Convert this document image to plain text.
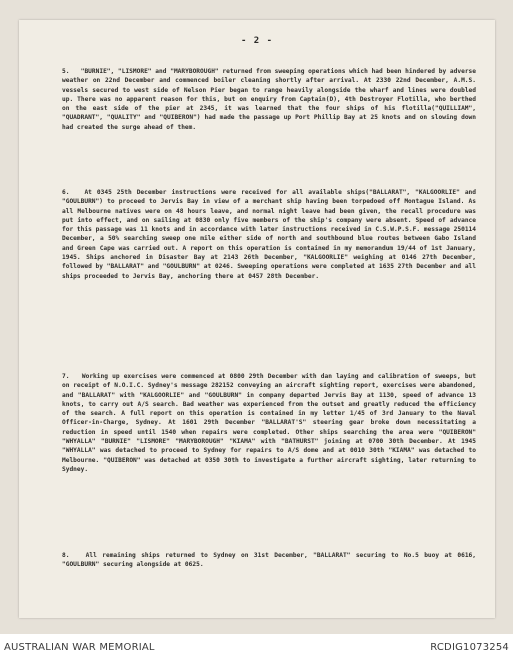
- 2 -

5.   "BURNIE", "LISMORE" and "MARYBOROUGH" returned from sweeping operations which had been hindered by adverse weather on 22nd December and commenced boiler cleaning shortly after arrival. At 2330 22nd December, A.M.S. vessels secured to west side of Nelson Pier began to range heavily alongside the wharf and lines were doubled up. There was no apparent reason for this, but on enquiry from Captain(D), 4th Destroyer Flotilla, who berthed on the east side of the pier at 2345, it was learned that the four ships of his flotilla("QUILLIAM", "QUADRANT", "QUALITY" and "QUIBERON") had made the passage up Port Phillip Bay at 25 knots and on slowing down had created the surge ahead of them.

6.   At 0345 25th December instructions were received for all available ships("BALLARAT", "KALGOORLIE" and "GOULBURN") to proceed to Jervis Bay in view of a merchant ship having been torpedoed off Montague Island. As all Melbourne natives were on 48 hours leave, and normal night leave had been given, the recall procedure was put into effect, and on sailing at 0830 only five members of the ship's company were absent. Speed of advance for this passage was 11 knots and in accordance with later instructions received in C.S.W.P.S.F. message 250114 December, a 50% searching sweep one mile either side of north and southbound blue routes between Gabo Island and Green Cape was carried out. A report on this operation is contained in my memorandum 19/44 of 1st January, 1945. Ships anchored in Disaster Bay at 2143 26th December, "KALGOORLIE" weighing at 0146 27th December, followed by "BALLARAT" and "GOULBURN" at 0246. Sweeping operations were completed at 1635 27th December and all ships proceeded to Jervis Bay, anchoring there at 0457 28th December.

7.   Working up exercises were commenced at 0800 29th December with dan laying and calibration of sweeps, but on receipt of N.O.I.C. Sydney's message 282152 conveying an aircraft sighting report, exercises were abandoned, and "BALLARAT" with "KALGOORLIE" and "GOULBURN" in company departed Jervis Bay at 1130, speed of advance 13 knots, to carry out A/S search. Bad weather was experienced from the outset and greatly reduced the efficiency of the search. A full report on this operation is contained in my letter 1/45 of 3rd January to the Naval Officer-in-Charge, Sydney. At 1601 29th December "BALLARAT'S" steering gear broke down necessitating a reduction in speed until 1540 when repairs were completed. Other ships searching the area were "QUIBERON" "WHYALLA" "BURNIE" "LISMORE" "MARYBOROUGH" "KIAMA" with "BATHURST" joining at 0700 30th December. At 1945 "WHYALLA" was detached to proceed to Sydney for repairs to A/S dome and at 0010 30th "KIAMA" was detached to Melbourne. "QUIBERON" was detached at 0350 30th to investigate a further aircraft sighting, later returning to Sydney.

8.   All remaining ships returned to Sydney on 31st December, "BALLARAT" securing to No.5 buoy at 0616, "GOULBURN" securing alongside at 0625.

AUSTRALIAN WAR MEMORIAL	RCDIG1073254
